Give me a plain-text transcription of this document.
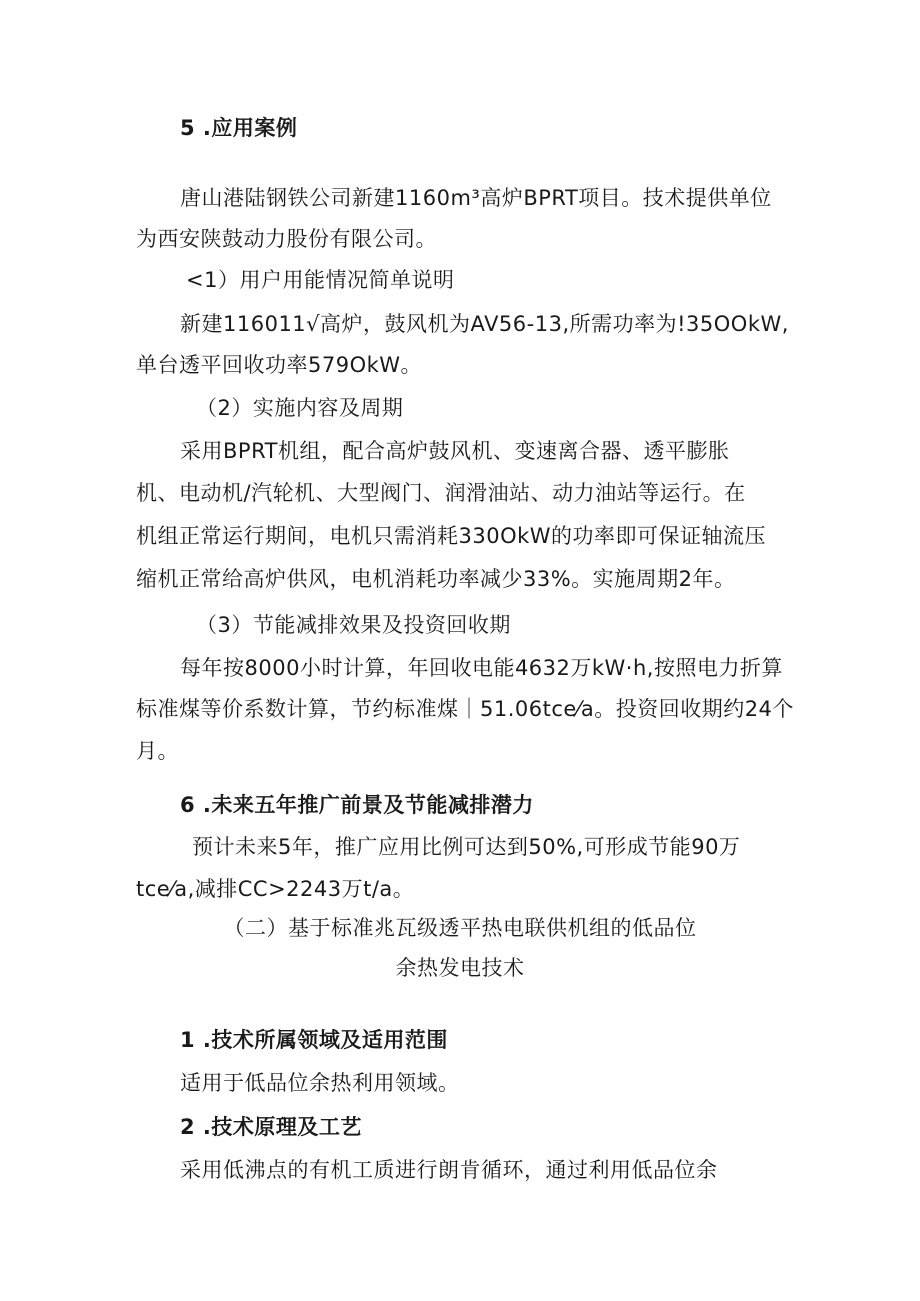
5 .应用案例

唐山港陆钢铁公司新建1160m³高炉BPRT项目。技术提供单位

为西安陕鼓动力股份有限公司。

<1）用户用能情况简单说明

新建116011√高炉，鼓风机为AV56-13,所需功率为!35OOkW,

单台透平回收功率579OkW。

（2）实施内容及周期

采用BPRT机组，配合高炉鼓风机、变速离合器、透平膨胀

机、电动机/汽轮机、大型阀门、润滑油站、动力油站等运行。在

机组正常运行期间，电机只需消耗330OkW的功率即可保证轴流压

缩机正常给高炉供风，电机消耗功率减少33%。实施周期2年。

（3）节能减排效果及投资回收期

每年按8000小时计算，年回收电能4632万kW·h,按照电力折算

标准煤等价系数计算，节约标准煤｜51.06tce⁄a。投资回收期约24个

月。

6 .未来五年推广前景及节能减排潜力

预计未来5年，推广应用比例可达到50%,可形成节能90万

tce⁄a,减排CC>2243万t/a。

（二）基于标准兆瓦级透平热电联供机组的低品位

余热发电技术

1 .技术所属领域及适用范围

适用于低品位余热利用领域。

2 .技术原理及工艺

采用低沸点的有机工质进行朗肯循环，通过利用低品位余
